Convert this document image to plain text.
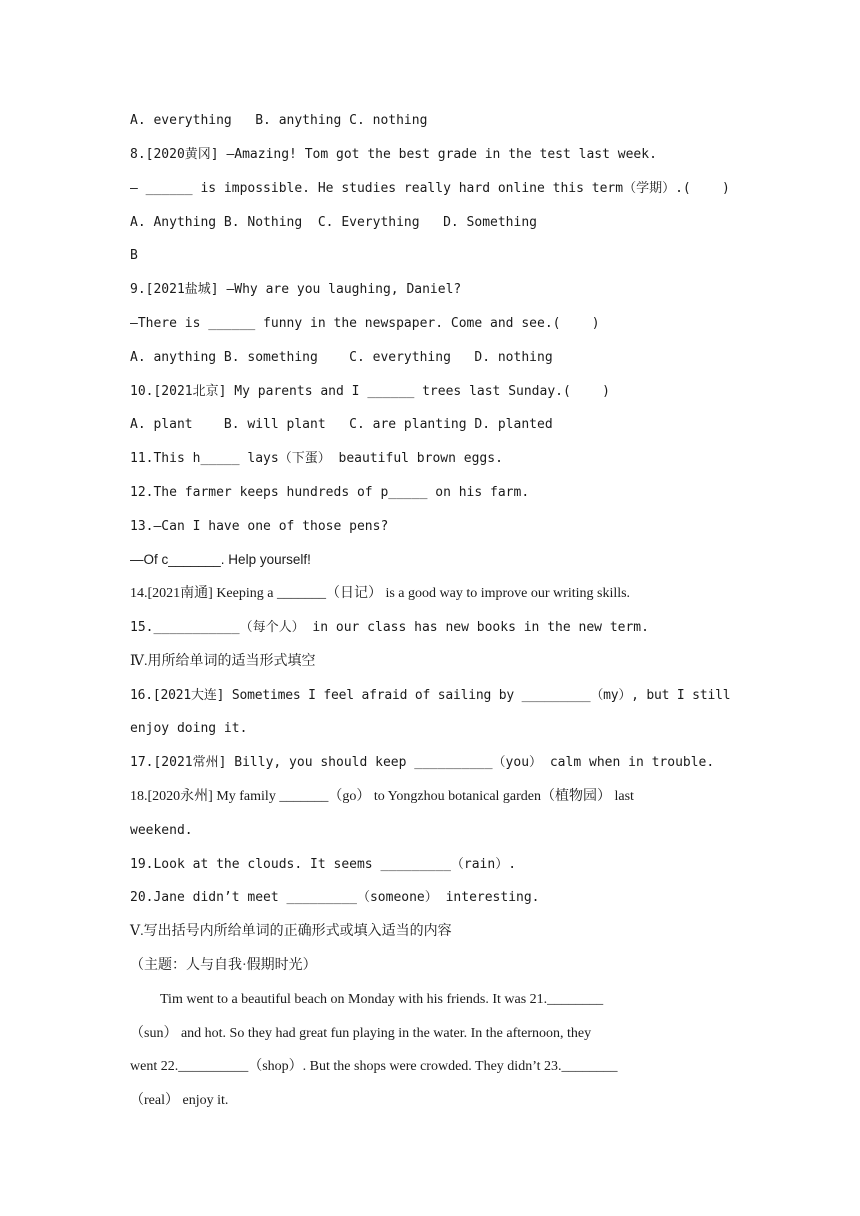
A. everything   B. anything C. nothing
8.[2020黄冈] —Amazing! Tom got the best grade in the test last week.
— ______ is impossible. He studies really hard online this term（学期）.(    )
A. Anything B. Nothing  C. Everything   D. Something
B
9.[2021盐城] —Why are you laughing, Daniel?
—There is ______ funny in the newspaper. Come and see.(    )
A. anything B. something    C. everything   D. nothing
10.[2021北京] My parents and I ______ trees last Sunday.(    )
A. plant    B. will plant   C. are planting D. planted
11.This h_____ lays（下蛋） beautiful brown eggs.
12.The farmer keeps hundreds of p_____ on his farm.
13.—Can I have one of those pens?
—Of c_______. Help yourself!
14.[2021南通] Keeping a _______（日记） is a good way to improve our writing skills.
15.___________（每个人） in our class has new books in the new term.
Ⅳ.用所给单词的适当形式填空
16.[2021大连] Sometimes I feel afraid of sailing by _________（my）, but I still
enjoy doing it.
17.[2021常州] Billy, you should keep __________（you） calm when in trouble.
18.[2020永州] My family _______（go） to Yongzhou botanical garden（植物园） last
weekend.
19.Look at the clouds. It seems _________（rain）.
20.Jane didn’t meet _________（someone） interesting.
Ⅴ.写出括号内所给单词的正确形式或填入适当的内容
（主题：人与自我·假期时光）
Tim went to a beautiful beach on Monday with his friends. It was 21.________
（sun） and hot. So they had great fun playing in the water. In the afternoon, they
went 22.__________（shop）. But the shops were crowded. They didn’t 23.________
（real） enjoy it.
